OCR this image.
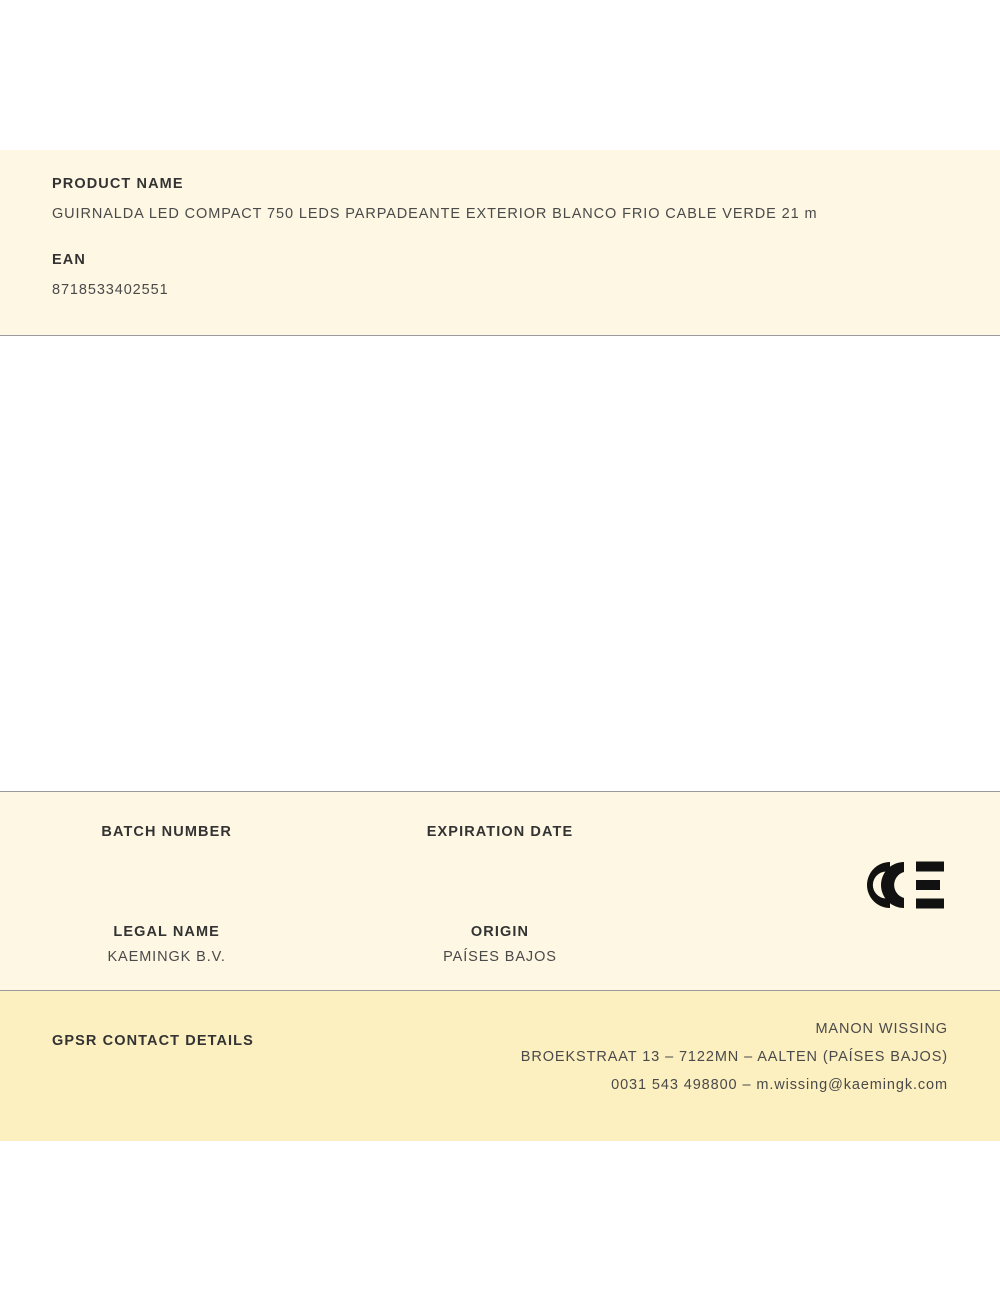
PRODUCT NAME

GUIRNALDA LED COMPACT 750 LEDS PARPADEANTE EXTERIOR BLANCO FRIO CABLE VERDE 21 m

EAN

8718533402551

BATCH NUMBER	EXPIRATION DATE

LEGAL NAME

KAEMINGK B.V.

ORIGIN

PAÍSES BAJOS

GPSR CONTACT DETAILS

MANON WISSING

BROEKSTRAAT 13 – 7122MN – AALTEN (PAÍSES BAJOS)

0031 543 498800 – m.wissing@kaemingk.com
